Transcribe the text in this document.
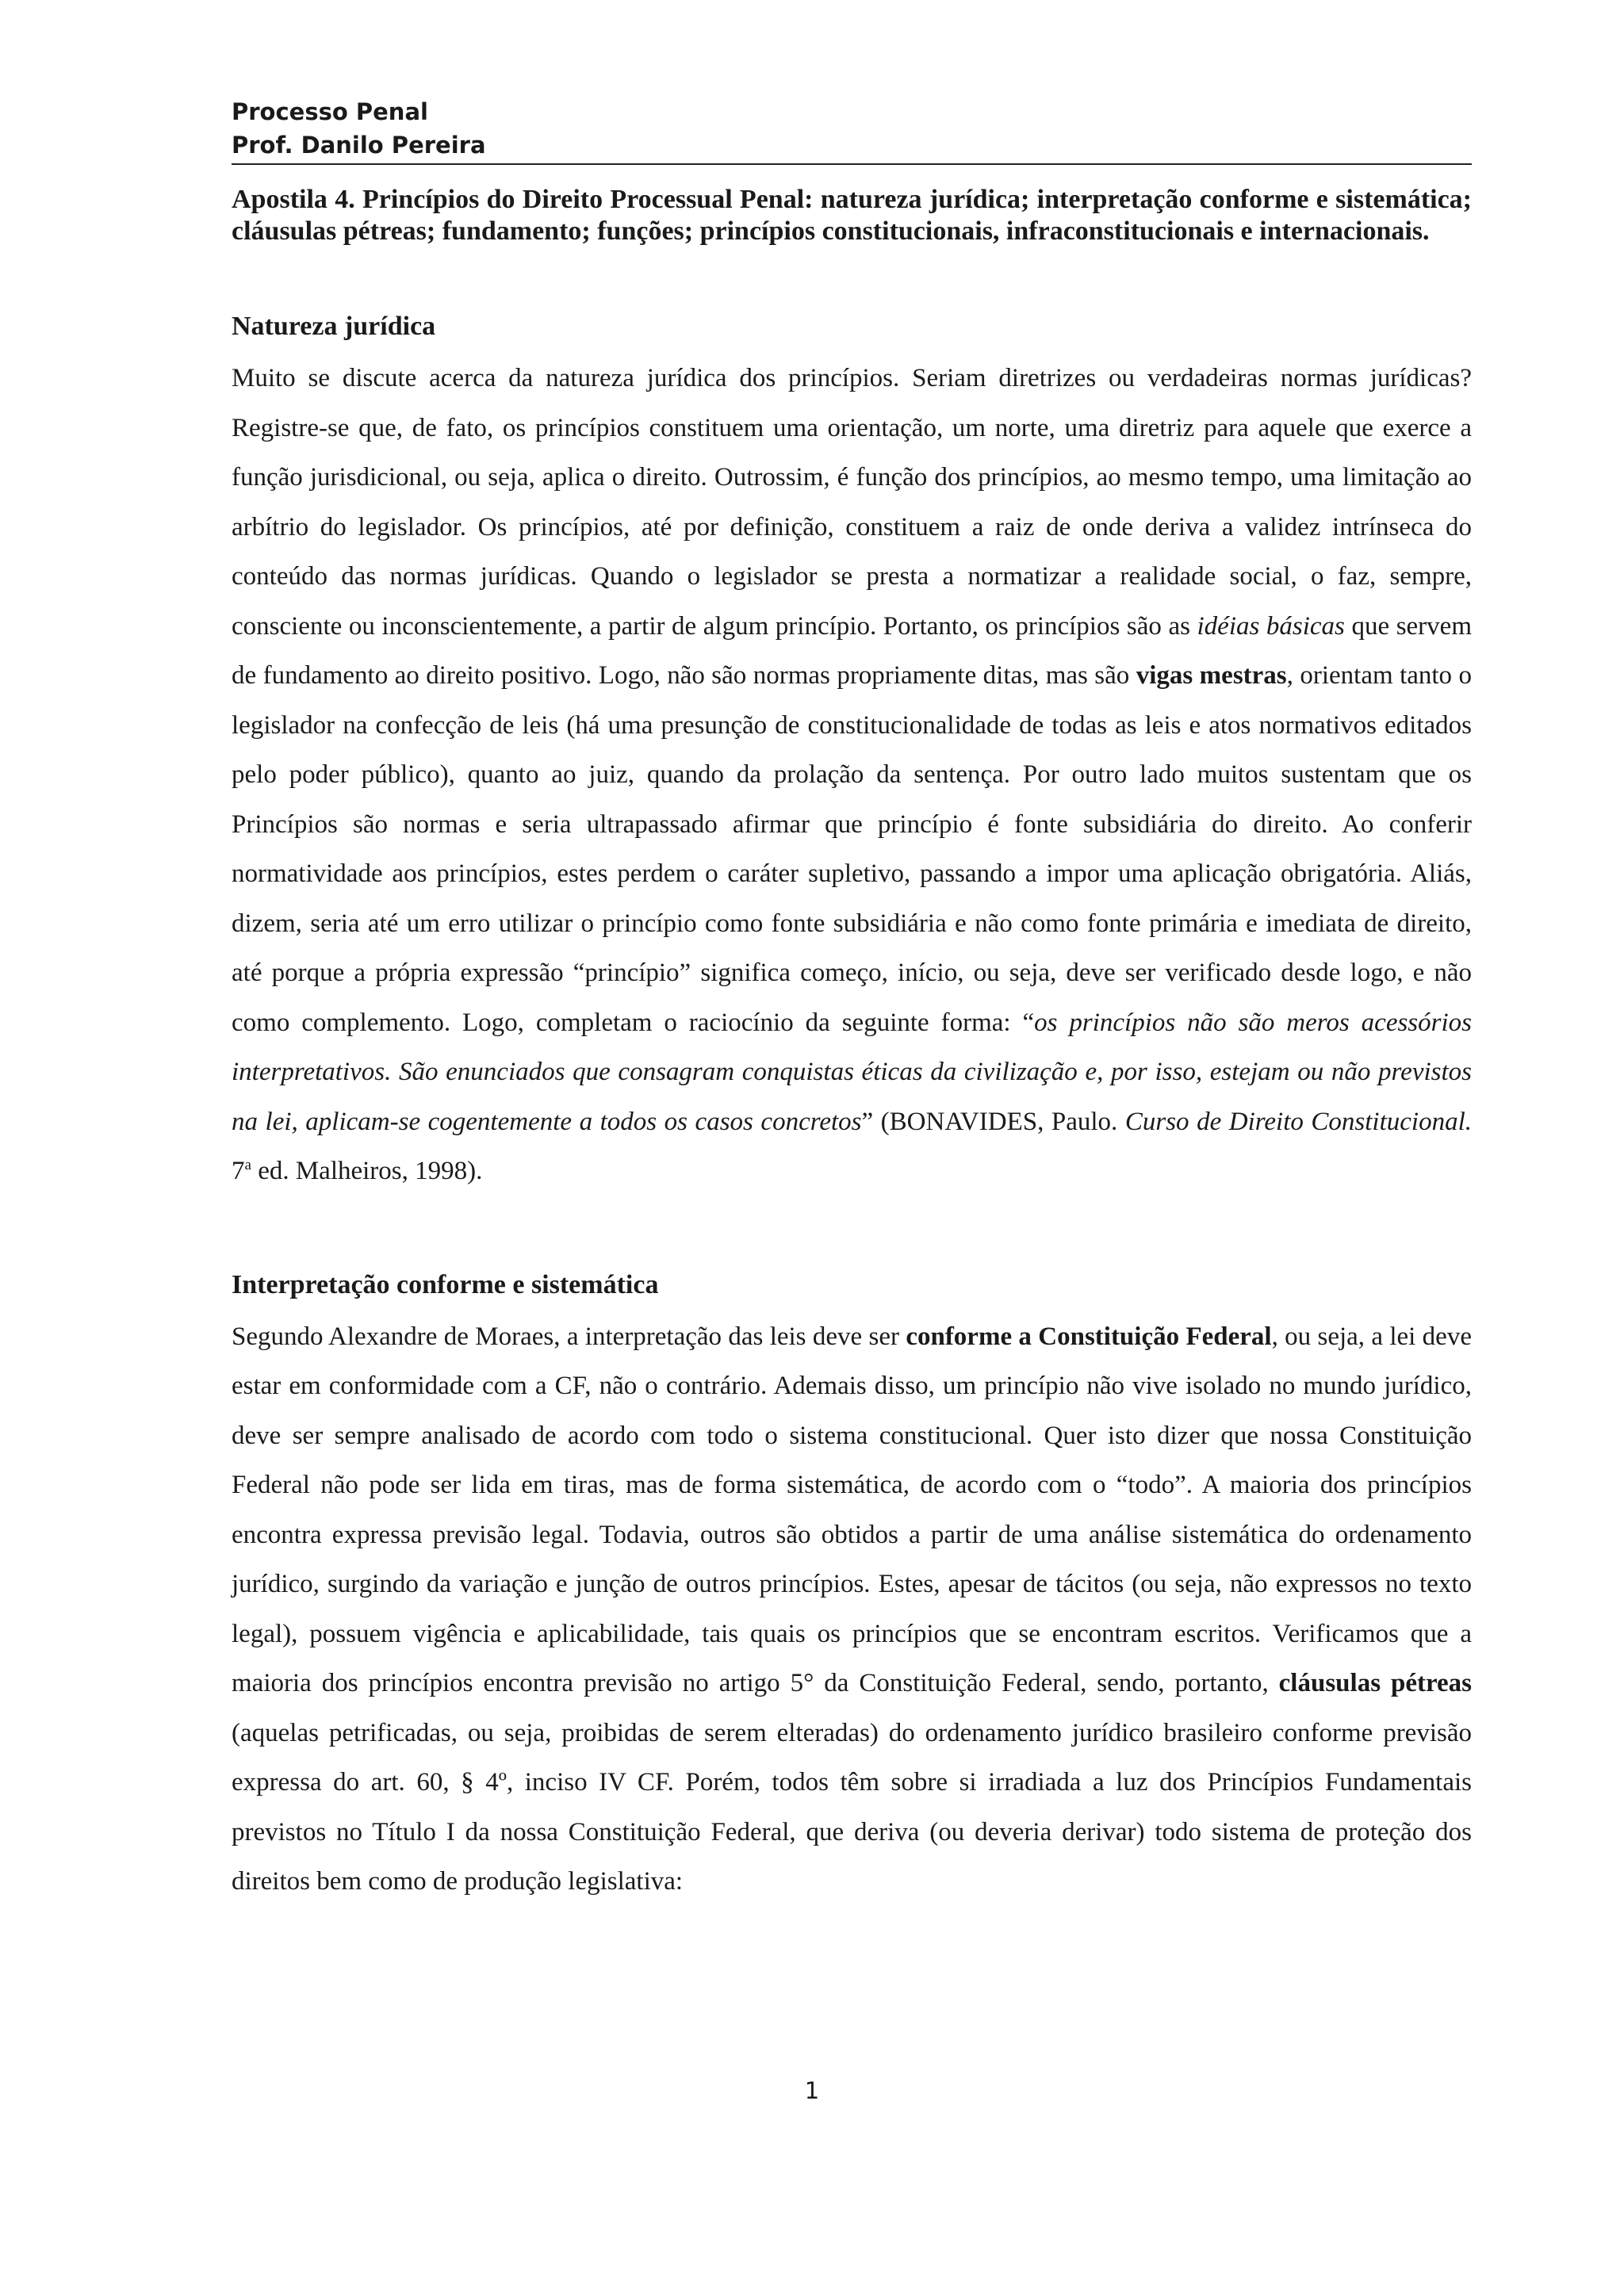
Processo Penal
Prof. Danilo Pereira

Apostila 4. Princípios do Direito Processual Penal: natureza jurídica; interpretação conforme e sistemática; cláusulas pétreas; fundamento; funções; princípios constitucionais, infraconstitucionais e internacionais.

Natureza jurídica

Muito se discute acerca da natureza jurídica dos princípios. Seriam diretrizes ou verdadeiras normas jurídicas? Registre-se que, de fato, os princípios constituem uma orientação, um norte, uma diretriz para aquele que exerce a função jurisdicional, ou seja, aplica o direito. Outrossim, é função dos princípios, ao mesmo tempo, uma limitação ao arbítrio do legislador. Os princípios, até por definição, constituem a raiz de onde deriva a validez intrínseca do conteúdo das normas jurídicas. Quando o legislador se presta a normatizar a realidade social, o faz, sempre, consciente ou inconscientemente, a partir de algum princípio. Portanto, os princípios são as idéias básicas que servem de fundamento ao direito positivo. Logo, não são normas propriamente ditas, mas são vigas mestras, orientam tanto o legislador na confecção de leis (há uma presunção de constitucionalidade de todas as leis e atos normativos editados pelo poder público), quanto ao juiz, quando da prolação da sentença. Por outro lado muitos sustentam que os Princípios são normas e seria ultrapassado afirmar que princípio é fonte subsidiária do direito. Ao conferir normatividade aos princípios, estes perdem o caráter supletivo, passando a impor uma aplicação obrigatória. Aliás, dizem, seria até um erro utilizar o princípio como fonte subsidiária e não como fonte primária e imediata de direito, até porque a própria expressão “princípio” significa começo, início, ou seja, deve ser verificado desde logo, e não como complemento. Logo, completam o raciocínio da seguinte forma: “os princípios não são meros acessórios interpretativos. São enunciados que consagram conquistas éticas da civilização e, por isso, estejam ou não previstos na lei, aplicam-se cogentemente a todos os casos concretos” (BONAVIDES, Paulo. Curso de Direito Constitucional. 7$^a$ ed. Malheiros, 1998).

Interpretação conforme e sistemática

Segundo Alexandre de Moraes, a interpretação das leis deve ser conforme a Constituição Federal, ou seja, a lei deve estar em conformidade com a CF, não o contrário. Ademais disso, um princípio não vive isolado no mundo jurídico, deve ser sempre analisado de acordo com todo o sistema constitucional. Quer isto dizer que nossa Constituição Federal não pode ser lida em tiras, mas de forma sistemática, de acordo com o “todo”. A maioria dos princípios encontra expressa previsão legal. Todavia, outros são obtidos a partir de uma análise sistemática do ordenamento jurídico, surgindo da variação e junção de outros princípios. Estes, apesar de tácitos (ou seja, não expressos no texto legal), possuem vigência e aplicabilidade, tais quais os princípios que se encontram escritos. Verificamos que a maioria dos princípios encontra previsão no artigo 5° da Constituição Federal, sendo, portanto, cláusulas pétreas (aquelas petrificadas, ou seja, proibidas de serem elteradas) do ordenamento jurídico brasileiro conforme previsão expressa do art. 60, § 4º, inciso IV CF. Porém, todos têm sobre si irradiada a luz dos Princípios Fundamentais previstos no Título I da nossa Constituição Federal, que deriva (ou deveria derivar) todo sistema de proteção dos direitos bem como de produção legislativa:

1
